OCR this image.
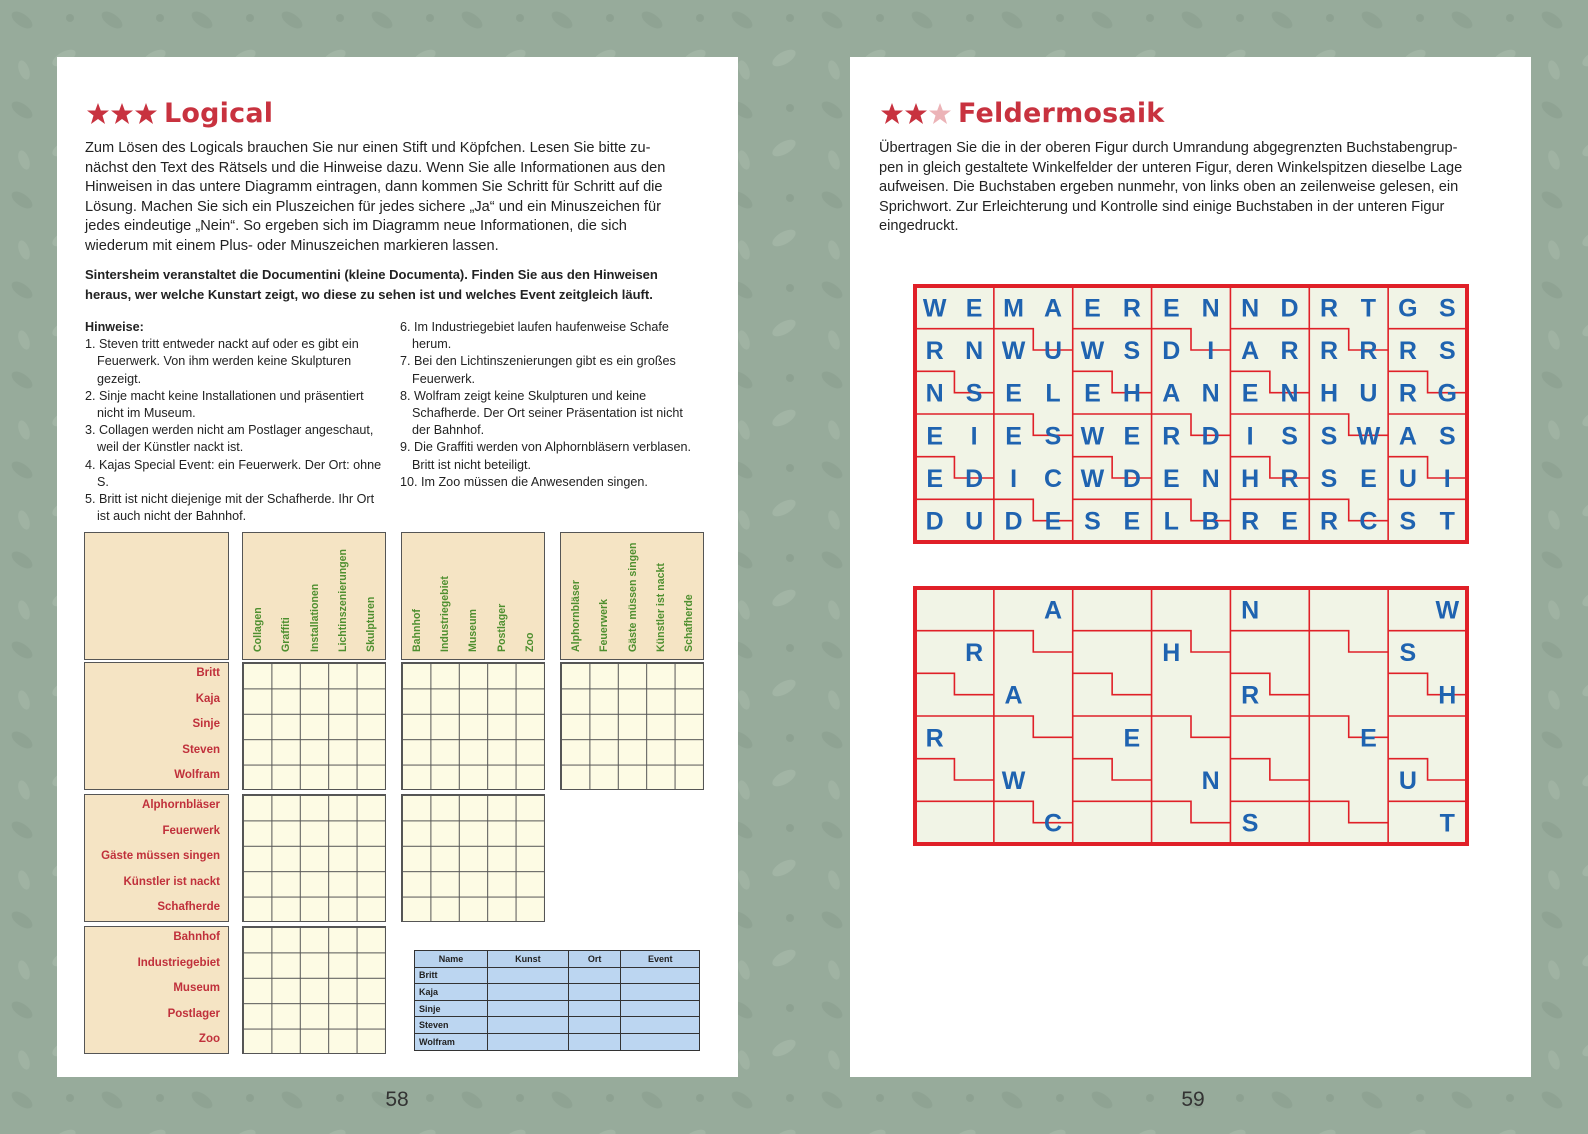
Logical
Zum Lösen des Logicals brauchen Sie nur einen Stift und Köpfchen. Lesen Sie bitte zu-
nächst den Text des Rätsels und die Hinweise dazu. Wenn Sie alle Informationen aus den
Hinweisen in das untere Diagramm eintragen, dann kommen Sie Schritt für Schritt auf die
Lösung. Machen Sie sich ein Pluszeichen für jedes sichere „Ja“ und ein Minuszeichen für
jedes eindeutige „Nein“. So ergeben sich im Diagramm neue Informationen, die sich
wiederum mit einem Plus- oder Minuszeichen markieren lassen.
Sintersheim veranstaltet die Documentini (kleine Documenta). Finden Sie aus den Hinweisen
heraus, wer welche Kunstart zeigt, wo diese zu sehen ist und welches Event zeitgleich läuft.
Hinweise:

1. Steven tritt entweder nackt auf oder es gibt ein Feuerwerk. Von ihm werden keine Skulpturen gezeigt.

2. Sinje macht keine Installationen und präsentiert nicht im Museum.

3. Collagen werden nicht am Postlager angeschaut, weil der Künstler nackt ist.

4. Kajas Special Event: ein Feuerwerk. Der Ort: ohne S.

5. Britt ist nicht diejenige mit der Schafherde. Ihr Ort ist auch nicht der Bahnhof.

6. Im Industriegebiet laufen haufenweise Schafe herum.

7. Bei den Lichtinszenierungen gibt es ein großes Feuerwerk.

8. Wolfram zeigt keine Skulpturen und keine Schafherde. Der Ort seiner Präsentation ist nicht der Bahnhof.

9. Die Graffiti werden von Alphornbläsern verblasen. Britt ist nicht beteiligt.

10. Im Zoo müssen die Anwesenden singen.

Collagen Graffiti Installationen Lichtinszenierungen Skulpturen	Bahnhof Industriegebiet Museum Postlager Zoo	Alphornbläser Feuerwerk Gäste müssen singen Künstler ist nackt Schafherde
Britt
Kaja
Sinje
Steven
Wolfram
Alphornbläser
Feuerwerk
Gäste müssen singen
Künstler ist nackt
Schafherde
Bahnhof
Industriegebiet
Museum
Postlager
Zoo
Name	Kunst	Ort	Event
Britt			
Kaja			
Sinje			
Steven			
Wolfram			
58
Feldermosaik
Übertragen Sie die in der oberen Figur durch Umrandung abgegrenzten Buchstabengrup-
pen in gleich gestaltete Winkelfelder der unteren Figur, deren Winkelspitzen dieselbe Lage
aufweisen. Die Buchstaben ergeben nunmehr, von links oben an zeilenweise gelesen, ein
Sprichwort. Zur Erleichterung und Kontrolle sind einige Buchstaben in der unteren Figur
eingedruckt.
W E M A E R E N N D R T G S
R N W U W S D I A R R R R S
N S E L E H A N E N H U R G
E I E S W E R D I S S W A S
E D I C W D E N H R S E U I
D U D E S E L B R E R C S T
A	N	W
R	H	S
A	R	H
R	E	E
W	N	U
C	S	T
59
